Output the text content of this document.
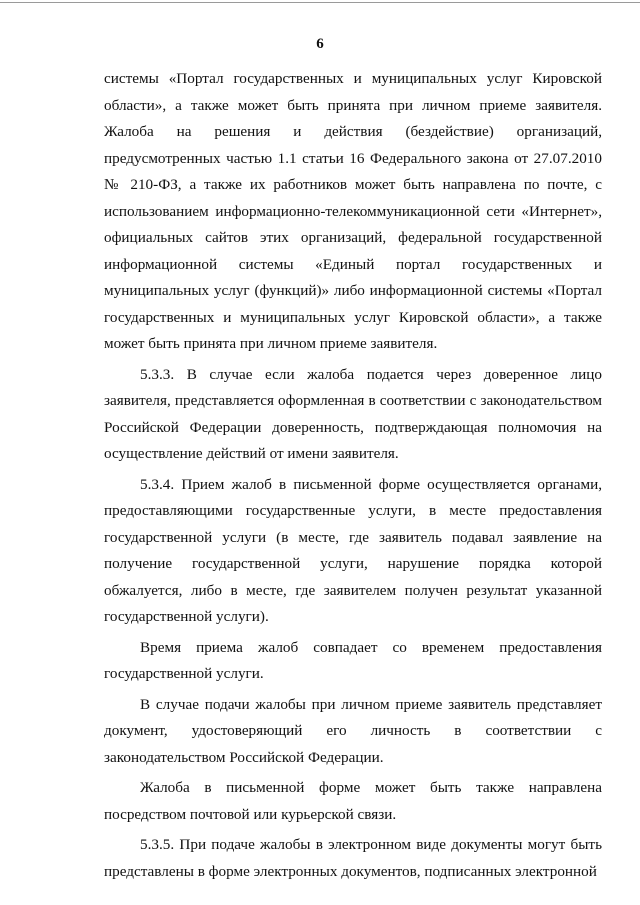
6

системы «Портал государственных и муниципальных услуг Кировской области», а также может быть принята при личном приеме заявителя. Жалоба на решения и действия (бездействие) организаций, предусмотренных частью 1.1 статьи 16 Федерального закона от 27.07.2010 № 210-ФЗ, а также их работников может быть направлена по почте, с использованием информационно-телекоммуникационной сети «Интернет», официальных сайтов этих организаций, федеральной государственной информационной системы «Единый портал государственных и муниципальных услуг (функций)» либо информационной системы «Портал государственных и муниципальных услуг Кировской области», а также может быть принята при личном приеме заявителя.

5.3.3. В случае если жалоба подается через доверенное лицо заявителя, представляется оформленная в соответствии с законодательством Российской Федерации доверенность, подтверждающая полномочия на осуществление действий от имени заявителя.

5.3.4. Прием жалоб в письменной форме осуществляется органами, предоставляющими государственные услуги, в месте предоставления государственной услуги (в месте, где заявитель подавал заявление на получение государственной услуги, нарушение порядка которой обжалуется, либо в месте, где заявителем получен результат указанной государственной услуги).

Время приема жалоб совпадает со временем предоставления государственной услуги.

В случае подачи жалобы при личном приеме заявитель представляет документ, удостоверяющий его личность в соответствии с законодательством Российской Федерации.

Жалоба в письменной форме может быть также направлена посредством почтовой или курьерской связи.

5.3.5. При подаче жалобы в электронном виде документы могут быть представлены в форме электронных документов, подписанных электронной
